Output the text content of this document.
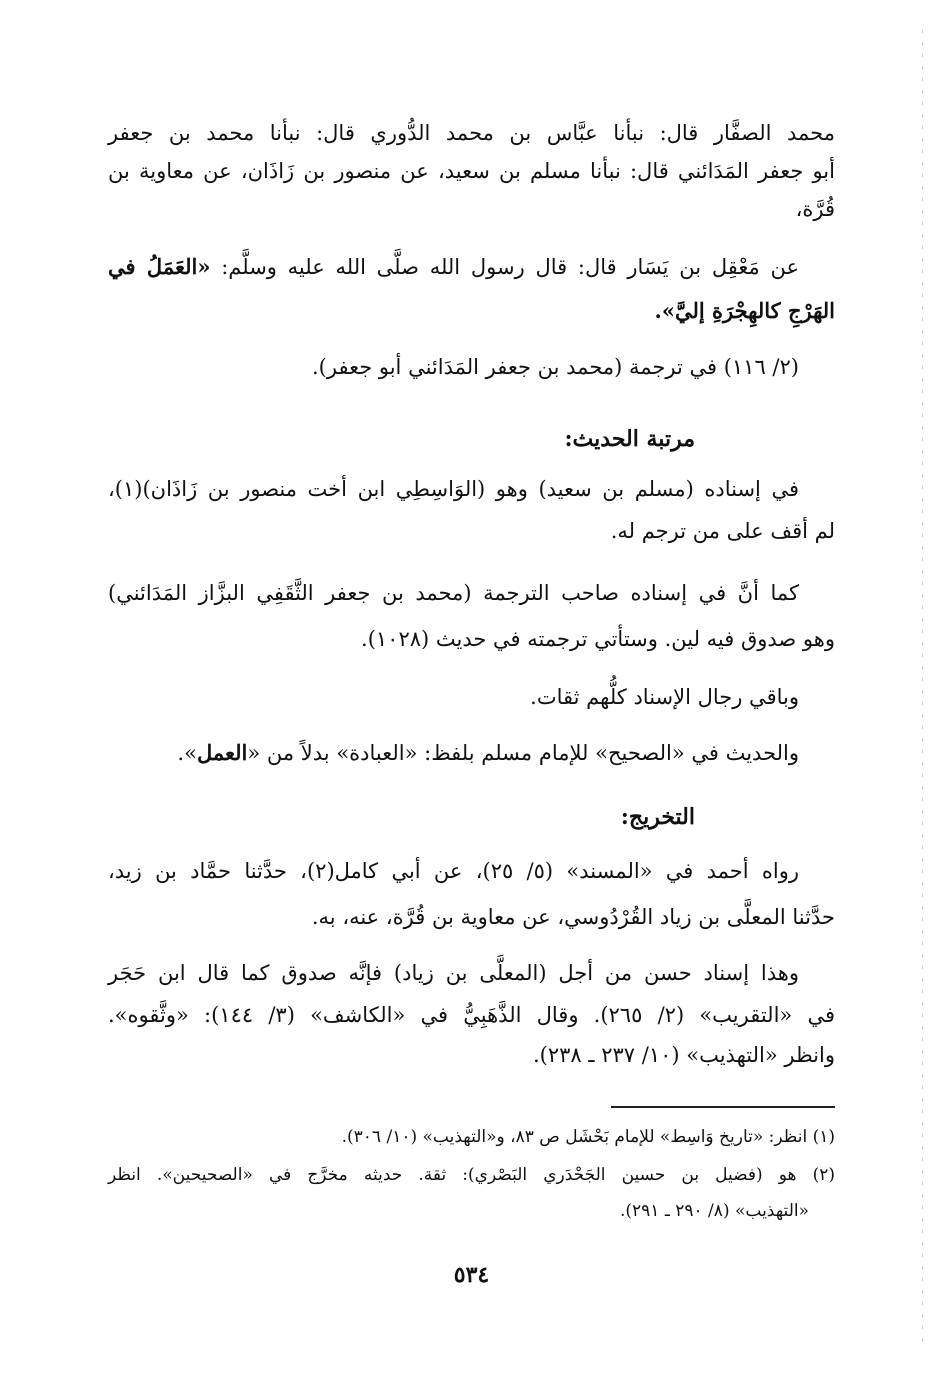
محمد الصفَّار قال: نبأنا عبَّاس بن محمد الدُّوري قال: نبأنا محمد بن جعفر
أبو جعفر المَدَائني قال: نبأنا مسلم بن سعيد، عن منصور بن زَاذَان، عن معاوية بن
قُرَّة،
عن مَعْقِل بن يَسَار قال: قال رسول الله صلَّى الله عليه وسلَّم: «العَمَلُ في
الهَرْجِ كالهِجْرَةِ إليَّ».
(٢/ ١١٦) في ترجمة (محمد بن جعفر المَدَائني أبو جعفر).
مرتبة الحديث:
في إسناده (مسلم بن سعيد) وهو (الوَاسِطِي ابن أخت منصور بن زَاذَان)(١)،
لم أقف على من ترجم له.
كما أنَّ في إسناده صاحب الترجمة (محمد بن جعفر الثَّقَفِي البزَّاز المَدَائني)
وهو صدوق فيه لين. وستأتي ترجمته في حديث (١٠٢٨).
وباقي رجال الإسناد كلُّهم ثقات.
والحديث في «الصحيح» للإمام مسلم بلفظ: «العبادة» بدلاً من «العمل».
التخريج:
رواه أحمد في «المسند» (٥/ ٢٥)، عن أبي كامل(٢)، حدَّثنا حمَّاد بن زيد،
حدَّثنا المعلَّى بن زياد القُرْدُوسي، عن معاوية بن قُرَّة، عنه، به.
وهذا إسناد حسن من أجل (المعلَّى بن زياد) فإنَّه صدوق كما قال ابن حَجَر
في «التقريب» (٢/ ٢٦٥). وقال الذَّهَبِيُّ في «الكاشف» (٣/ ١٤٤): «وثَّقوه».
وانظر «التهذيب» (١٠/ ٢٣٧ ـ ٢٣٨).
(١) انظر: «تاريخ وَاسِط» للإمام بَحْشَل ص ٨٣، و«التهذيب» (١٠/ ٣٠٦).
(٢) هو (فضيل بن حسين الجَحْدَري البَصْري): ثقة. حديثه مخرَّج في «الصحيحين». انظر
«التهذيب» (٨/ ٢٩٠ ـ ٢٩١).
٥٣٤
